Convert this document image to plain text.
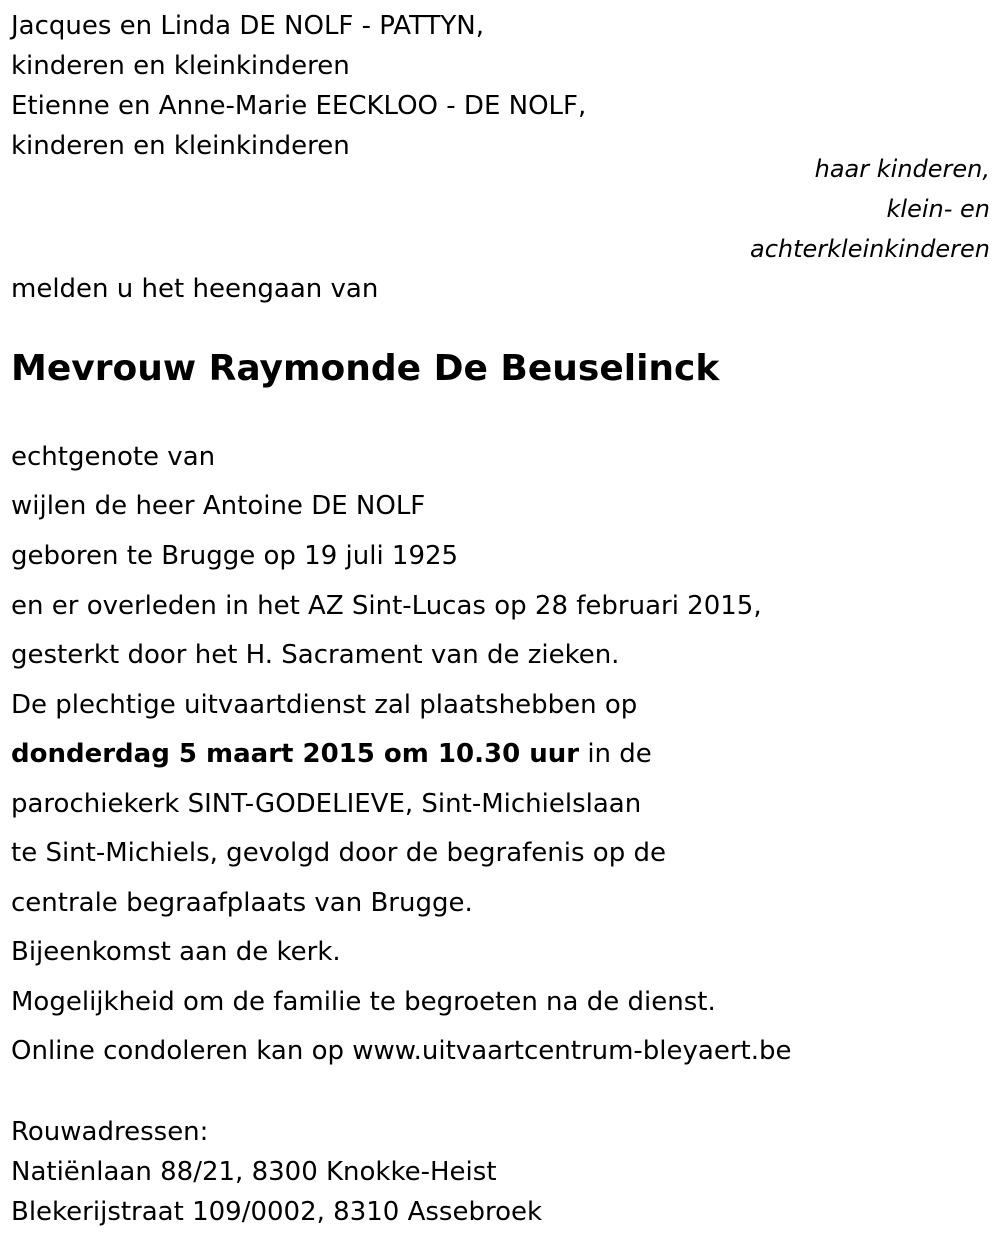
Jacques en Linda DE NOLF - PATTYN,
kinderen en kleinkinderen
Etienne en Anne-Marie EECKLOO - DE NOLF,
kinderen en kleinkinderen
haar kinderen,
klein- en
achterkleinkinderen
melden u het heengaan van
Mevrouw Raymonde De Beuselinck
echtgenote van
wijlen de heer Antoine DE NOLF
geboren te Brugge op 19 juli 1925
en er overleden in het AZ Sint-Lucas op 28 februari 2015,
gesterkt door het H. Sacrament van de zieken.
De plechtige uitvaartdienst zal plaatshebben op
donderdag 5 maart 2015 om 10.30 uur in de
parochiekerk SINT-GODELIEVE, Sint-Michielslaan
te Sint-Michiels, gevolgd door de begrafenis op de
centrale begraafplaats van Brugge.
Bijeenkomst aan de kerk.
Mogelijkheid om de familie te begroeten na de dienst.
Online condoleren kan op www.uitvaartcentrum-bleyaert.be
Rouwadressen:
Natiënlaan 88/21, 8300 Knokke-Heist
Blekerijstraat 109/0002, 8310 Assebroek
